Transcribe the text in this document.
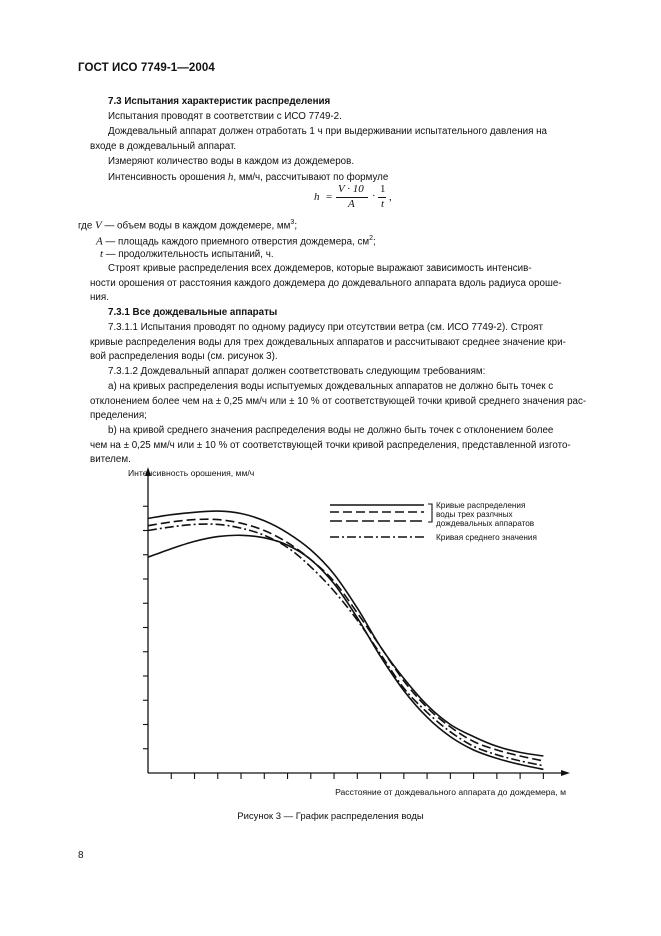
ГОСТ ИСО 7749-1—2004
7.3 Испытания характеристик распределения
Испытания проводят в соответствии с ИСО 7749-2.
Дождевальный аппарат должен отработать 1 ч при выдерживании испытательного давления на
входе в дождевальный аппарат.
Измеряют количество воды в каждом из дождемеров.
Интенсивность орошения h, мм/ч, рассчитывают по формуле
h =
V · 10
A
·
1
t
,
где V — объем воды в каждом дождемере, $мм^3$;
A — площадь каждого приемного отверстия дождемера, $см^2$;
t — продолжительность испытаний, ч.
Строят кривые распределения всех дождемеров, которые выражают зависимость интенсив-
ности орошения от расстояния каждого дождемера до дождевального аппарата вдоль радиуса ороше-
ния.
7.3.1 Все дождевальные аппараты
7.3.1.1 Испытания проводят по одному радиусу при отсутствии ветра (см. ИСО 7749-2). Строят
кривые распределения воды для трех дождевальных аппаратов и рассчитывают среднее значение кри-
вой распределения воды (см. рисунок 3).
7.3.1.2 Дождевальный аппарат должен соответствовать следующим требованиям:
а) на кривых распределения воды испытуемых дождевальных аппаратов не должно быть точек с
отклонением более чем на ± 0,25 мм/ч или ± 10 % от соответствующей точки кривой среднего значения рас-
пределения;
b) на кривой среднего значения распределения воды не должно быть точек с отклонением более
чем на ± 0,25 мм/ч или ± 10 % от соответствующей точки кривой распределения, представленной изгото-
вителем.
Интенсивность орошения, мм/ч
Расстояние от дождевального аппарата до дождемера, м
Кривые распределения
воды трех разлчных
дождевальных аппаратов
Кривая среднего значения
Рисунок 3 — График распределения воды
8
